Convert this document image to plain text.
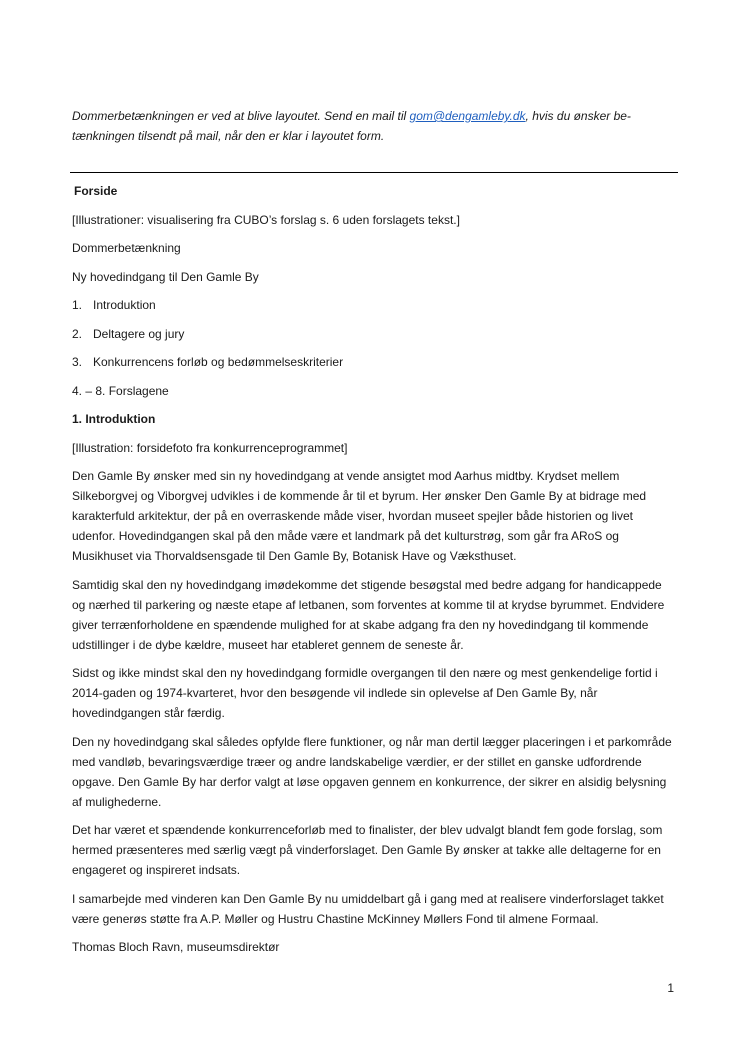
Dommerbetænkningen er ved at blive layoutet. Send en mail til gom@dengamleby.dk, hvis du ønsker be-tænkningen tilsendt på mail, når den er klar i layoutet form.

Forside

[Illustrationer: visualisering fra CUBO’s forslag s. 6 uden forslagets tekst.]

Dommerbetænkning

Ny hovedindgang til Den Gamle By

1. Introduktion

2. Deltagere og jury

3. Konkurrencens forløb og bedømmelseskriterier

4. – 8. Forslagene

1. Introduktion

[Illustration: forsidefoto fra konkurrenceprogrammet]

Den Gamle By ønsker med sin ny hovedindgang at vende ansigtet mod Aarhus midtby. Krydset mellem Silkeborgvej og Viborgvej udvikles i de kommende år til et byrum. Her ønsker Den Gamle By at bidrage med karakterfuld arkitektur, der på en overraskende måde viser, hvordan museet spejler både historien og livet udenfor. Hovedindgangen skal på den måde være et landmark på det kulturstrøg, som går fra ARoS og Musikhuset via Thorvaldsensgade til Den Gamle By, Botanisk Have og Væksthuset.

Samtidig skal den ny hovedindgang imødekomme det stigende besøgstal med bedre adgang for handicappede og nærhed til parkering og næste etape af letbanen, som forventes at komme til at krydse byrummet. Endvidere giver terrænforholdene en spændende mulighed for at skabe adgang fra den ny hovedindgang til kommende udstillinger i de dybe kældre, museet har etableret gennem de seneste år.

Sidst og ikke mindst skal den ny hovedindgang formidle overgangen til den nære og mest genkendelige fortid i 2014-gaden og 1974-kvarteret, hvor den besøgende vil indlede sin oplevelse af Den Gamle By, når hovedindgangen står færdig.

Den ny hovedindgang skal således opfylde flere funktioner, og når man dertil lægger placeringen i et parkområde med vandløb, bevaringsværdige træer og andre landskabelige værdier, er der stillet en ganske udfordrende opgave. Den Gamle By har derfor valgt at løse opgaven gennem en konkurrence, der sikrer en alsidig belysning af mulighederne.

Det har været et spændende konkurrenceforløb med to finalister, der blev udvalgt blandt fem gode forslag, som hermed præsenteres med særlig vægt på vinderforslaget. Den Gamle By ønsker at takke alle deltagerne for en engageret og inspireret indsats.

I samarbejde med vinderen kan Den Gamle By nu umiddelbart gå i gang med at realisere vinderforslaget takket være generøs støtte fra A.P. Møller og Hustru Chastine McKinney Møllers Fond til almene Formaal.

Thomas Bloch Ravn, museumsdirektør

1
